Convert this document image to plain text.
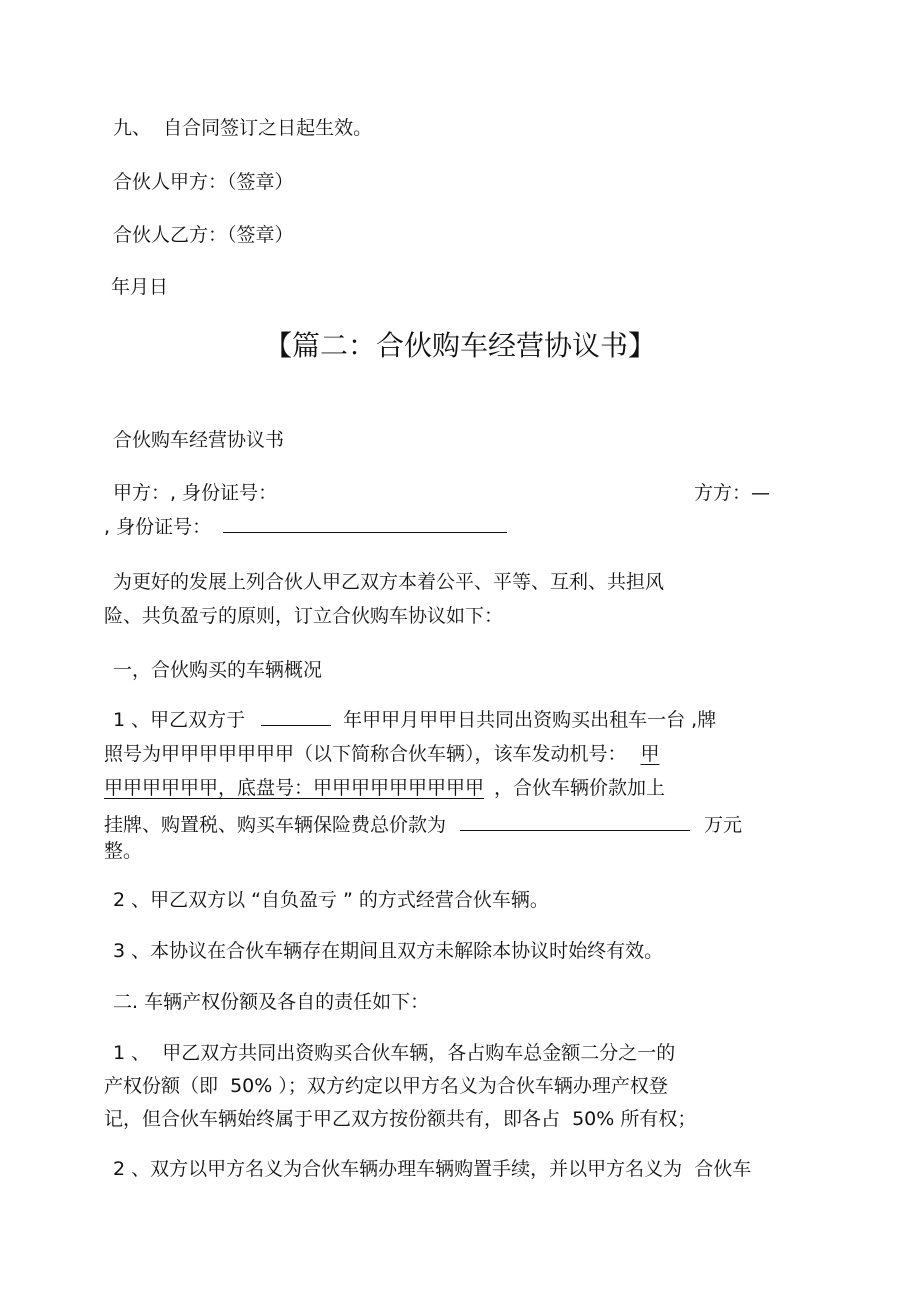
九、  自合同签订之日起生效。
合伙人甲方：（签章）
合伙人乙方：（签章）
年月日
【篇二：合伙购车经营协议书】
合伙购车经营协议书
甲方：, 身份证号：	方方：—
, 身份证号：
为更好的发展上列合伙人甲乙双方本着公平、平等、互利、共担风
险、共负盈亏的原则，订立合伙购车协议如下：
一，合伙购买的车辆概况
1 、甲乙双方于	年甲甲月甲甲日共同出资购买出租车一台 ,牌
照号为甲甲甲甲甲甲甲（以下简称合伙车辆），该车发动机号： 甲
甲甲甲甲甲甲，底盘号：甲甲甲甲甲甲甲甲甲 ，合伙车辆价款加上
挂牌、购置税、购买车辆保险费总价款为	万元
整。
2 、甲乙双方以 “自负盈亏 ” 的方式经营合伙车辆。
3 、本协议在合伙车辆存在期间且双方未解除本协议时始终有效。
二. 车辆产权份额及各自的责任如下：
1 、  甲乙双方共同出资购买合伙车辆，各占购车总金额二分之一的
产权份额（即  50% ）；双方约定以甲方名义为合伙车辆办理产权登
记，但合伙车辆始终属于甲乙双方按份额共有，即各占  50% 所有权；
2 、双方以甲方名义为合伙车辆办理车辆购置手续，并以甲方名义为  合伙车
